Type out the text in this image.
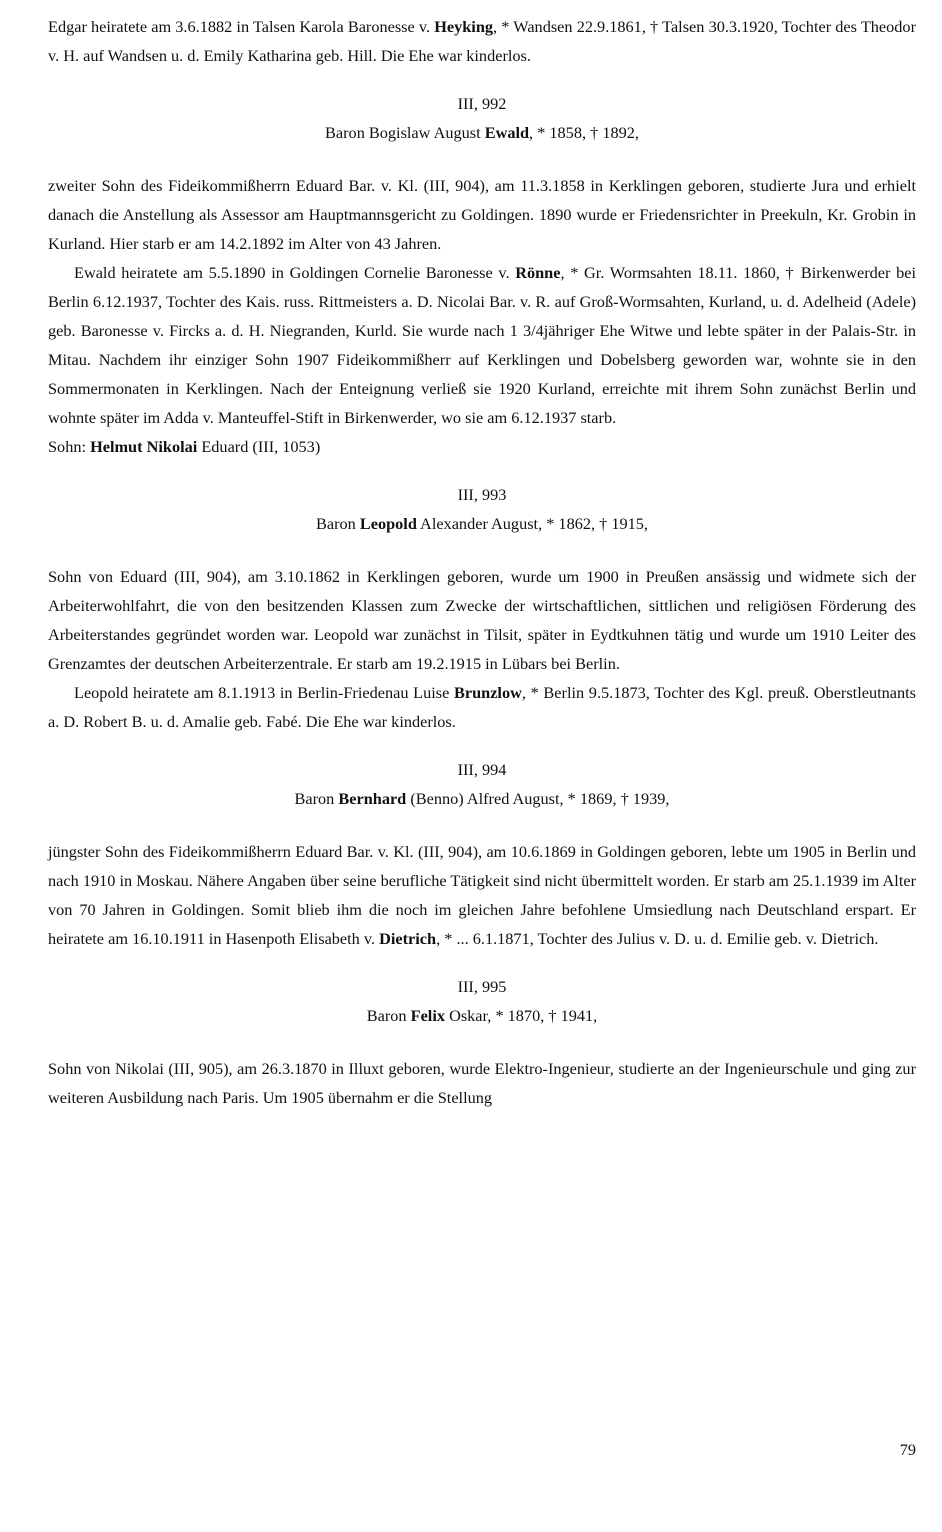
Edgar heiratete am 3.6.1882 in Talsen Karola Baronesse v. Heyking, * Wandsen 22.9.1861, † Talsen 30.3.1920, Tochter des Theodor v. H. auf Wandsen u. d. Emily Katharina geb. Hill. Die Ehe war kinderlos.

III, 992
Baron Bogislaw August Ewald, * 1858, † 1892,

zweiter Sohn des Fideikommißherrn Eduard Bar. v. Kl. (III, 904), am 11.3.1858 in Kerklingen geboren, studierte Jura und erhielt danach die Anstellung als Assessor am Hauptmannsgericht zu Goldingen. 1890 wurde er Friedensrichter in Preekuln, Kr. Grobin in Kurland. Hier starb er am 14.2.1892 im Alter von 43 Jahren.

Ewald heiratete am 5.5.1890 in Goldingen Cornelie Baronesse v. Rönne, * Gr. Wormsahten 18.11. 1860, † Birkenwerder bei Berlin 6.12.1937, Tochter des Kais. russ. Rittmeisters a. D. Nicolai Bar. v. R. auf Groß-Wormsahten, Kurland, u. d. Adelheid (Adele) geb. Baronesse v. Fircks a. d. H. Niegranden, Kurld. Sie wurde nach 1 3/4jähriger Ehe Witwe und lebte später in der Palais-Str. in Mitau. Nachdem ihr einziger Sohn 1907 Fideikommißherr auf Kerklingen und Dobelsberg geworden war, wohnte sie in den Sommermonaten in Kerklingen. Nach der Enteignung verließ sie 1920 Kurland, erreichte mit ihrem Sohn zunächst Berlin und wohnte später im Adda v. Manteuffel-Stift in Birkenwerder, wo sie am 6.12.1937 starb.

Sohn: Helmut Nikolai Eduard (III, 1053)

III, 993
Baron Leopold Alexander August, * 1862, † 1915,

Sohn von Eduard (III, 904), am 3.10.1862 in Kerklingen geboren, wurde um 1900 in Preußen ansässig und widmete sich der Arbeiterwohlfahrt, die von den besitzenden Klassen zum Zwecke der wirtschaftlichen, sittlichen und religiösen Förderung des Arbeiterstandes gegründet worden war. Leopold war zunächst in Tilsit, später in Eydtkuhnen tätig und wurde um 1910 Leiter des Grenzamtes der deutschen Arbeiterzentrale. Er starb am 19.2.1915 in Lübars bei Berlin.

Leopold heiratete am 8.1.1913 in Berlin-Friedenau Luise Brunzlow, * Berlin 9.5.1873, Tochter des Kgl. preuß. Oberstleutnants a. D. Robert B. u. d. Amalie geb. Fabé. Die Ehe war kinderlos.

III, 994
Baron Bernhard (Benno) Alfred August, * 1869, † 1939,

jüngster Sohn des Fideikommißherrn Eduard Bar. v. Kl. (III, 904), am 10.6.1869 in Goldingen geboren, lebte um 1905 in Berlin und nach 1910 in Moskau. Nähere Angaben über seine berufliche Tätigkeit sind nicht übermittelt worden. Er starb am 25.1.1939 im Alter von 70 Jahren in Goldingen. Somit blieb ihm die noch im gleichen Jahre befohlene Umsiedlung nach Deutschland erspart. Er heiratete am 16.10.1911 in Hasenpoth Elisabeth v. Dietrich, * ... 6.1.1871, Tochter des Julius v. D. u. d. Emilie geb. v. Dietrich.

III, 995
Baron Felix Oskar, * 1870, † 1941,

Sohn von Nikolai (III, 905), am 26.3.1870 in Illuxt geboren, wurde Elektro-Ingenieur, studierte an der Ingenieurschule und ging zur weiteren Ausbildung nach Paris. Um 1905 übernahm er die Stellung

79
